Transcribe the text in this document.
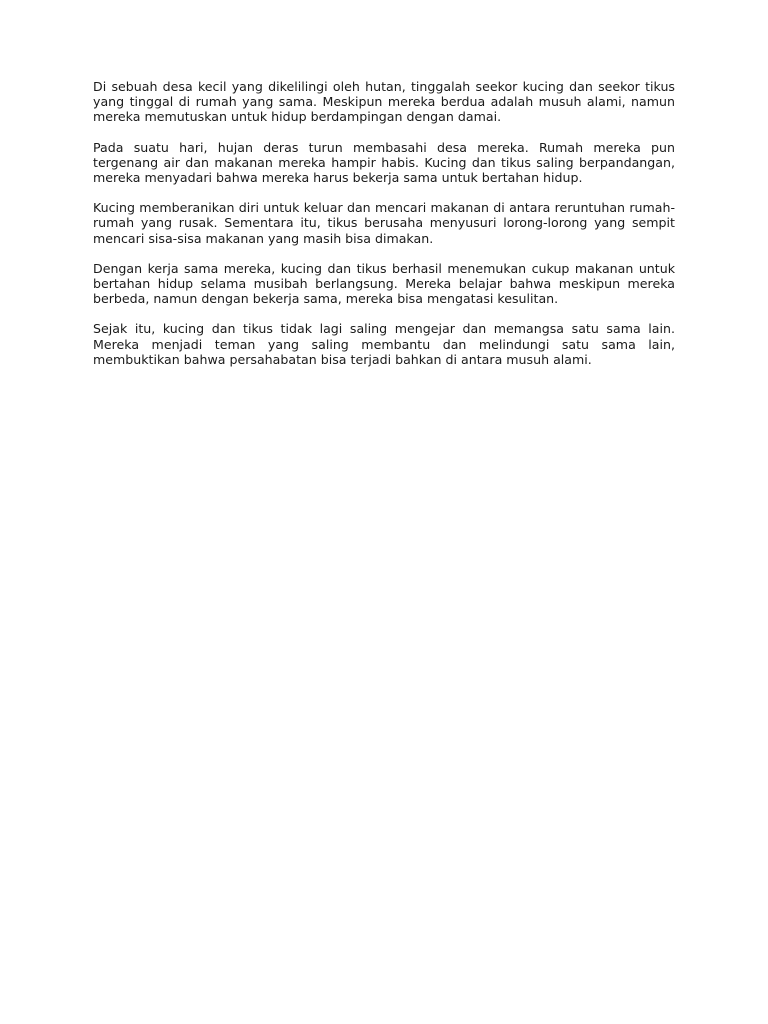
Di sebuah desa kecil yang dikelilingi oleh hutan, tinggalah seekor kucing dan seekor tikus yang tinggal di rumah yang sama. Meskipun mereka berdua adalah musuh alami, namun mereka memutuskan untuk hidup berdampingan dengan damai.

Pada suatu hari, hujan deras turun membasahi desa mereka. Rumah mereka pun tergenang air dan makanan mereka hampir habis. Kucing dan tikus saling berpandangan, mereka menyadari bahwa mereka harus bekerja sama untuk bertahan hidup.

Kucing memberanikan diri untuk keluar dan mencari makanan di antara reruntuhan rumah-rumah yang rusak. Sementara itu, tikus berusaha menyusuri lorong-lorong yang sempit mencari sisa-sisa makanan yang masih bisa dimakan.

Dengan kerja sama mereka, kucing dan tikus berhasil menemukan cukup makanan untuk bertahan hidup selama musibah berlangsung. Mereka belajar bahwa meskipun mereka berbeda, namun dengan bekerja sama, mereka bisa mengatasi kesulitan.

Sejak itu, kucing dan tikus tidak lagi saling mengejar dan memangsa satu sama lain. Mereka menjadi teman yang saling membantu dan melindungi satu sama lain, membuktikan bahwa persahabatan bisa terjadi bahkan di antara musuh alami.
